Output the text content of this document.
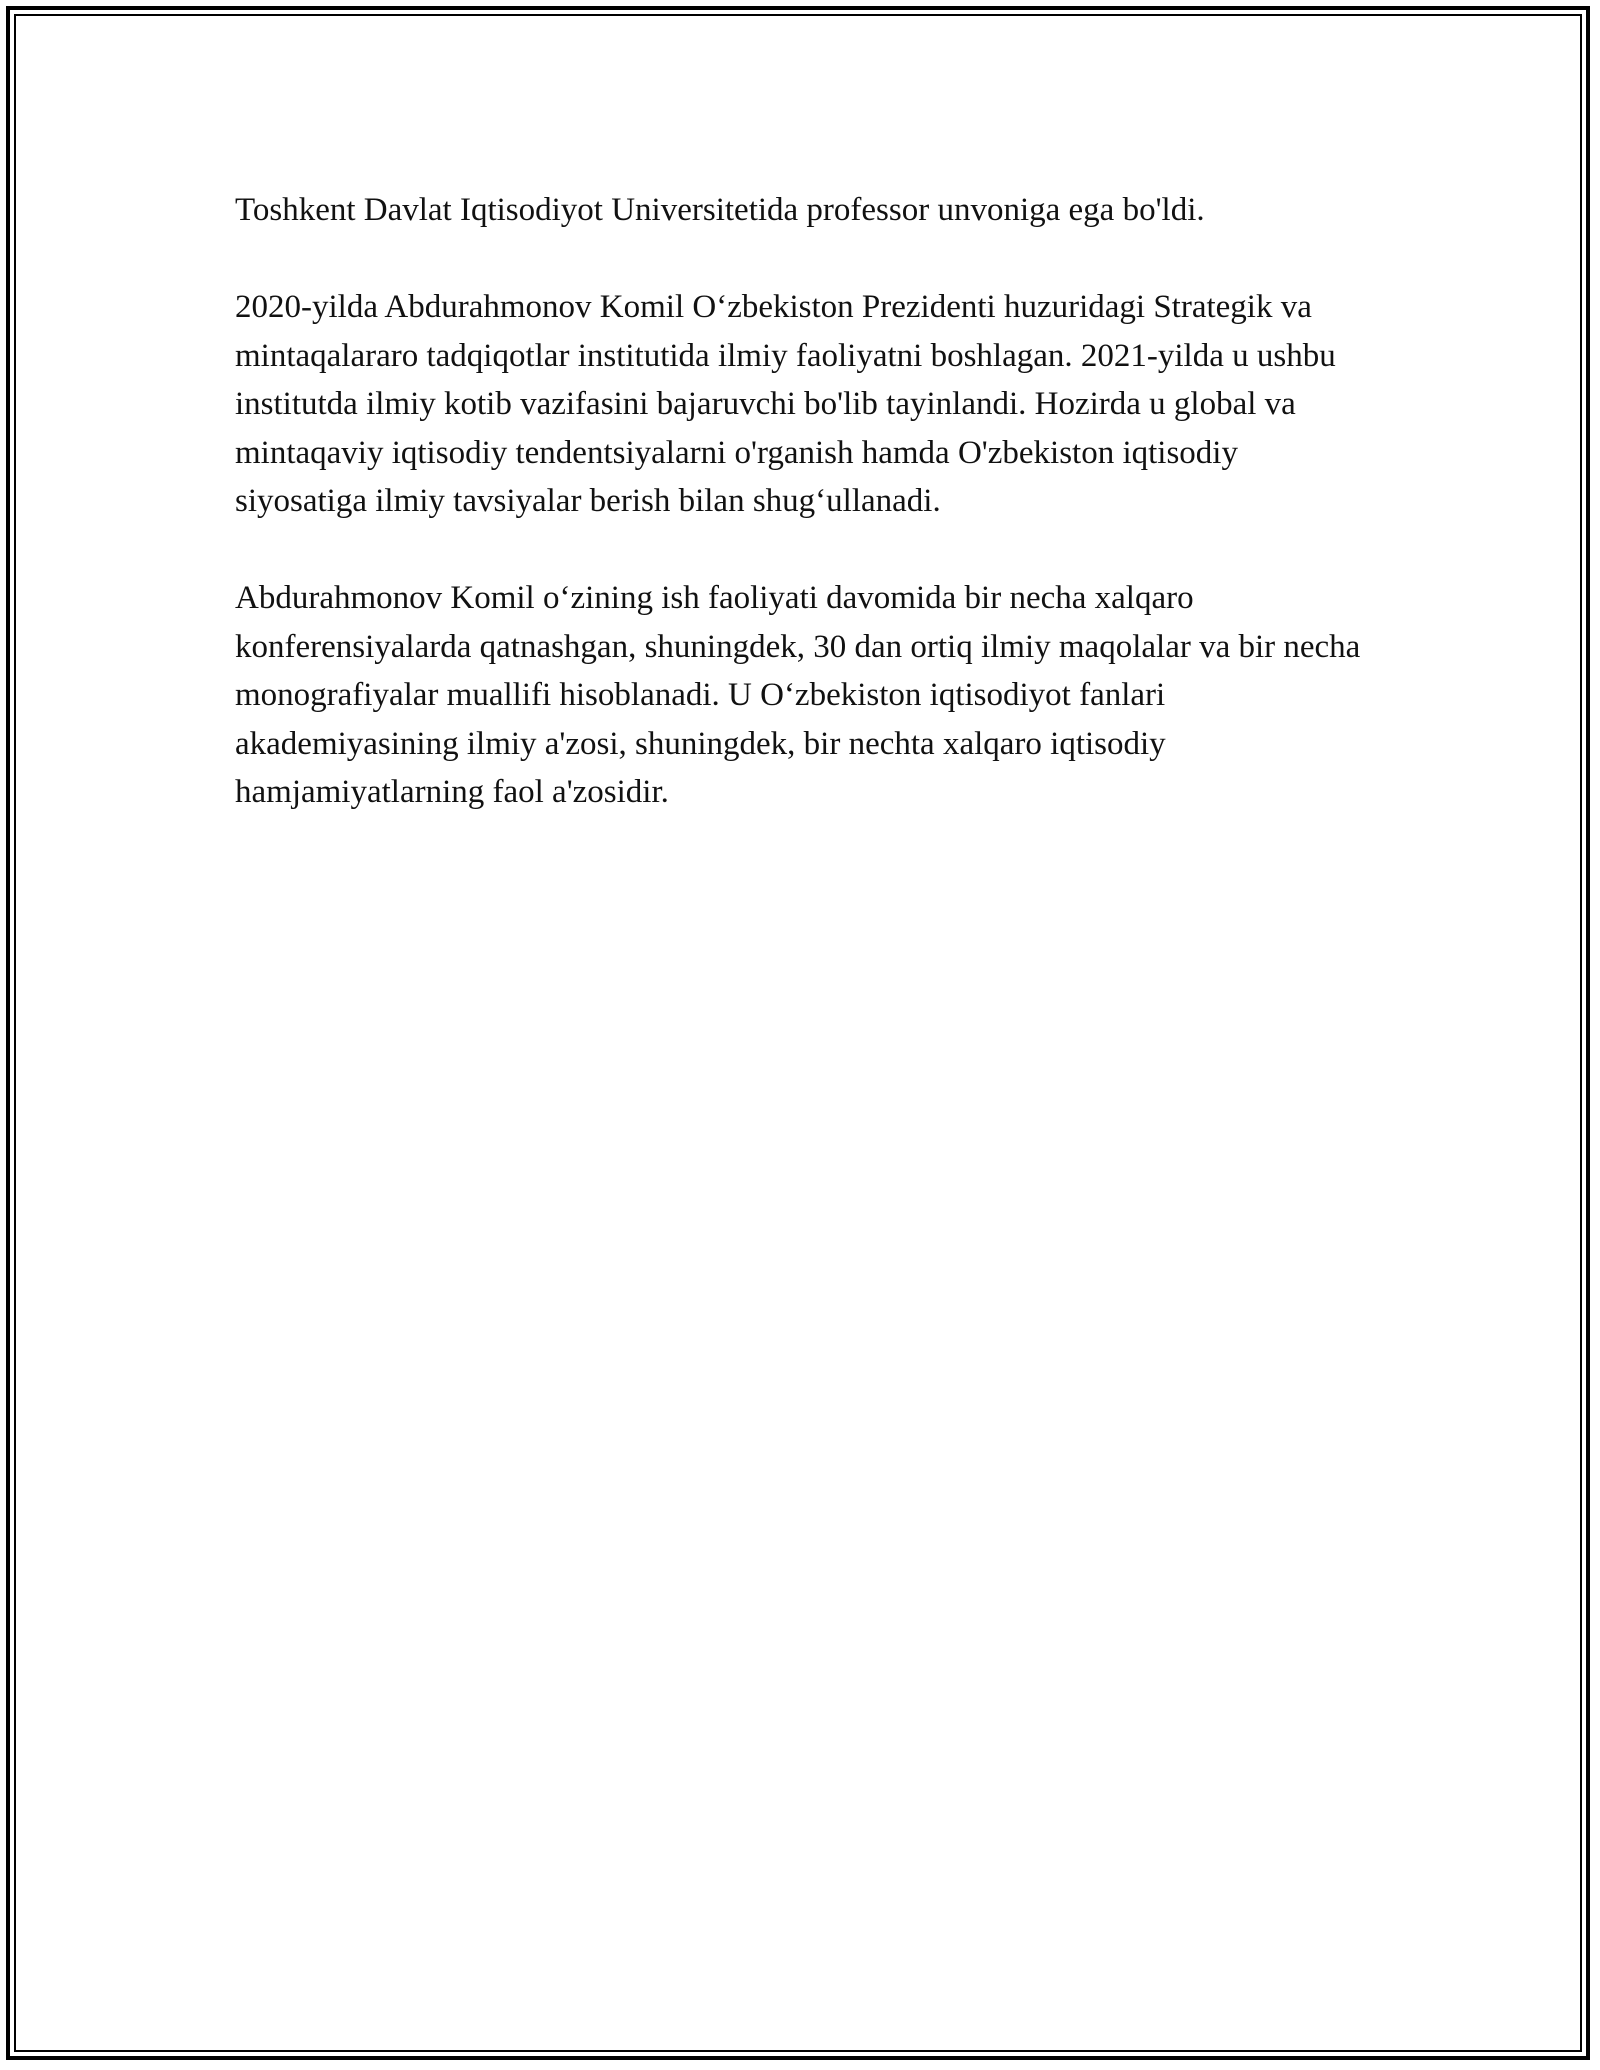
Toshkent Davlat Iqtisodiyot Universitetida professor unvoniga ega bo'ldi.

2020-yilda Abdurahmonov Komil O‘zbekiston Prezidenti huzuridagi Strategik va mintaqalararo tadqiqotlar institutida ilmiy faoliyatni boshlagan. 2021-yilda u ushbu institutda ilmiy kotib vazifasini bajaruvchi bo'lib tayinlandi. Hozirda u global va mintaqaviy iqtisodiy tendentsiyalarni o'rganish hamda O'zbekiston iqtisodiy siyosatiga ilmiy tavsiyalar berish bilan shug‘ullanadi.

Abdurahmonov Komil o‘zining ish faoliyati davomida bir necha xalqaro konferensiyalarda qatnashgan, shuningdek, 30 dan ortiq ilmiy maqolalar va bir necha monografiyalar muallifi hisoblanadi. U O‘zbekiston iqtisodiyot fanlari akademiyasining ilmiy a'zosi, shuningdek, bir nechta xalqaro iqtisodiy hamjamiyatlarning faol a'zosidir.
